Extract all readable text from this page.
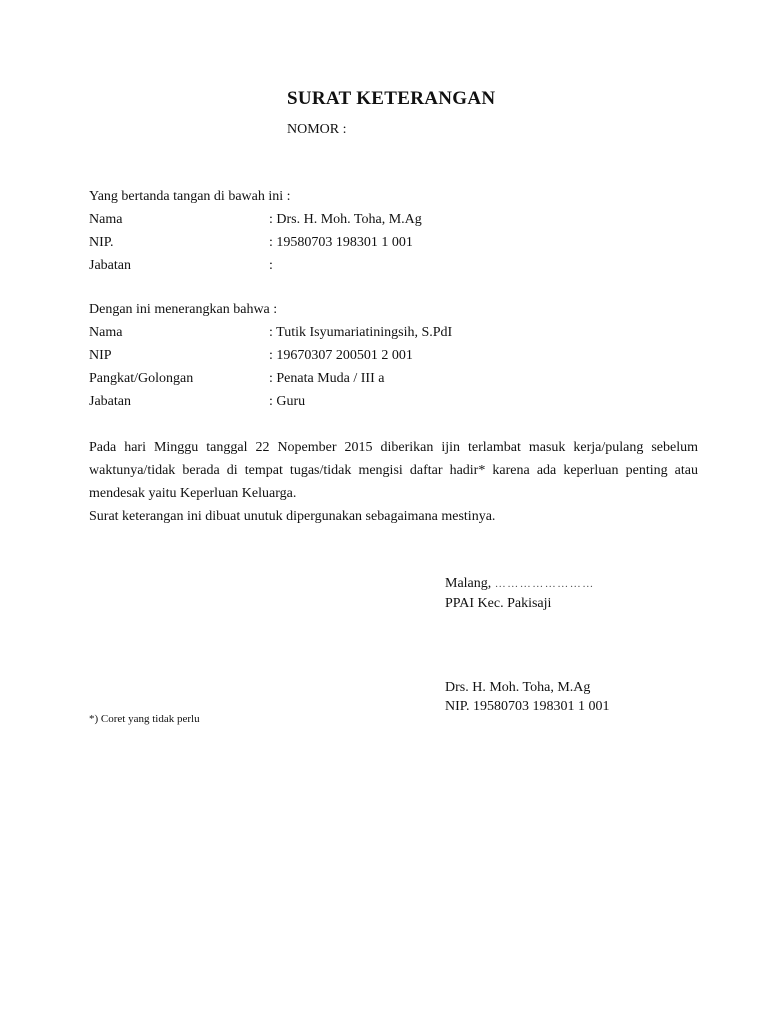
SURAT KETERANGAN
NOMOR :
Yang bertanda tangan di bawah ini :
Nama	: Drs. H. Moh. Toha, M.Ag
NIP.	: 19580703 198301 1 001
Jabatan	:
Dengan ini menerangkan bahwa :
Nama	: Tutik Isyumariatiningsih, S.PdI
NIP	: 19670307 200501 2 001
Pangkat/Golongan	: Penata Muda / III a
Jabatan	: Guru

Pada hari Minggu tanggal 22 Nopember 2015 diberikan ijin terlambat masuk kerja/pulang sebelum waktunya/tidak berada di tempat tugas/tidak mengisi daftar hadir* karena ada keperluan penting atau mendesak yaitu Keperluan Keluarga.

Surat keterangan ini dibuat unutuk dipergunakan sebagaimana mestinya.
Malang, ……………………
PPAI Kec. Pakisaji
Drs. H. Moh. Toha, M.Ag
NIP. 19580703 198301 1 001
*) Coret yang tidak perlu
